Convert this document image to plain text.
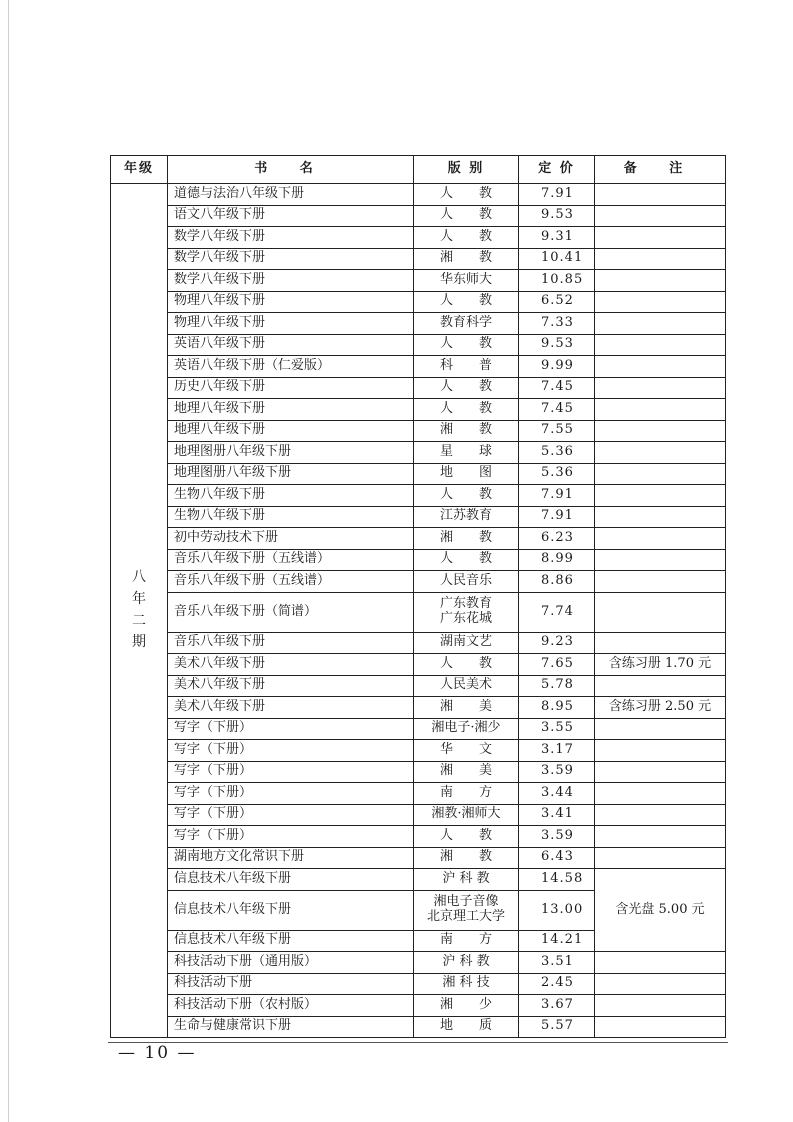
年级	书 名	版 别	定 价	备 注

八
年
二
期	道德与法治八年级下册	人　　教	7.91	
	语文八年级下册	人　　教	9.53	
	数学八年级下册	人　　教	9.31	
	数学八年级下册	湘　　教	10.41	
	数学八年级下册	华东师大	10.85	
	物理八年级下册	人　　教	6.52	
	物理八年级下册	教育科学	7.33	
	英语八年级下册	人　　教	9.53	
	英语八年级下册（仁爱版）	科　　普	9.99	
	历史八年级下册	人　　教	7.45	
	地理八年级下册	人　　教	7.45	
	地理八年级下册	湘　　教	7.55	
	地理图册八年级下册	星　　球	5.36	
	地理图册八年级下册	地　　图	5.36	
	生物八年级下册	人　　教	7.91	
	生物八年级下册	江苏教育	7.91	
	初中劳动技术下册	湘　　教	6.23	
	音乐八年级下册（五线谱）	人　　教	8.99	
	音乐八年级下册（五线谱）	人民音乐	8.86	
	音乐八年级下册（简谱）	广东教育
广东花城	7.74	
	音乐八年级下册	湖南文艺	9.23	
	美术八年级下册	人　　教	7.65	含练习册 1.70 元
	美术八年级下册	人民美术	5.78	
	美术八年级下册	湘　　美	8.95	含练习册 2.50 元
	写字（下册）	湘电子·湘少	3.55	
	写字（下册）	华　　文	3.17	
	写字（下册）	湘　　美	3.59	
	写字（下册）	南　　方	3.44	
	写字（下册）	湘教·湘师大	3.41	
	写字（下册）	人　　教	3.59	
	湖南地方文化常识下册	湘　　教	6.43	
	信息技术八年级下册	沪 科 教	14.58	含光盘 5.00 元
	信息技术八年级下册	湘电子音像
北京理工大学	13.00	
	信息技术八年级下册	南　　方	14.21	
	科技活动下册（通用版）	沪 科 教	3.51	
	科技活动下册	湘 科 技	2.45	
	科技活动下册（农村版）	湘　　少	3.67	
	生命与健康常识下册	地　　质	5.57	
— 10 —
